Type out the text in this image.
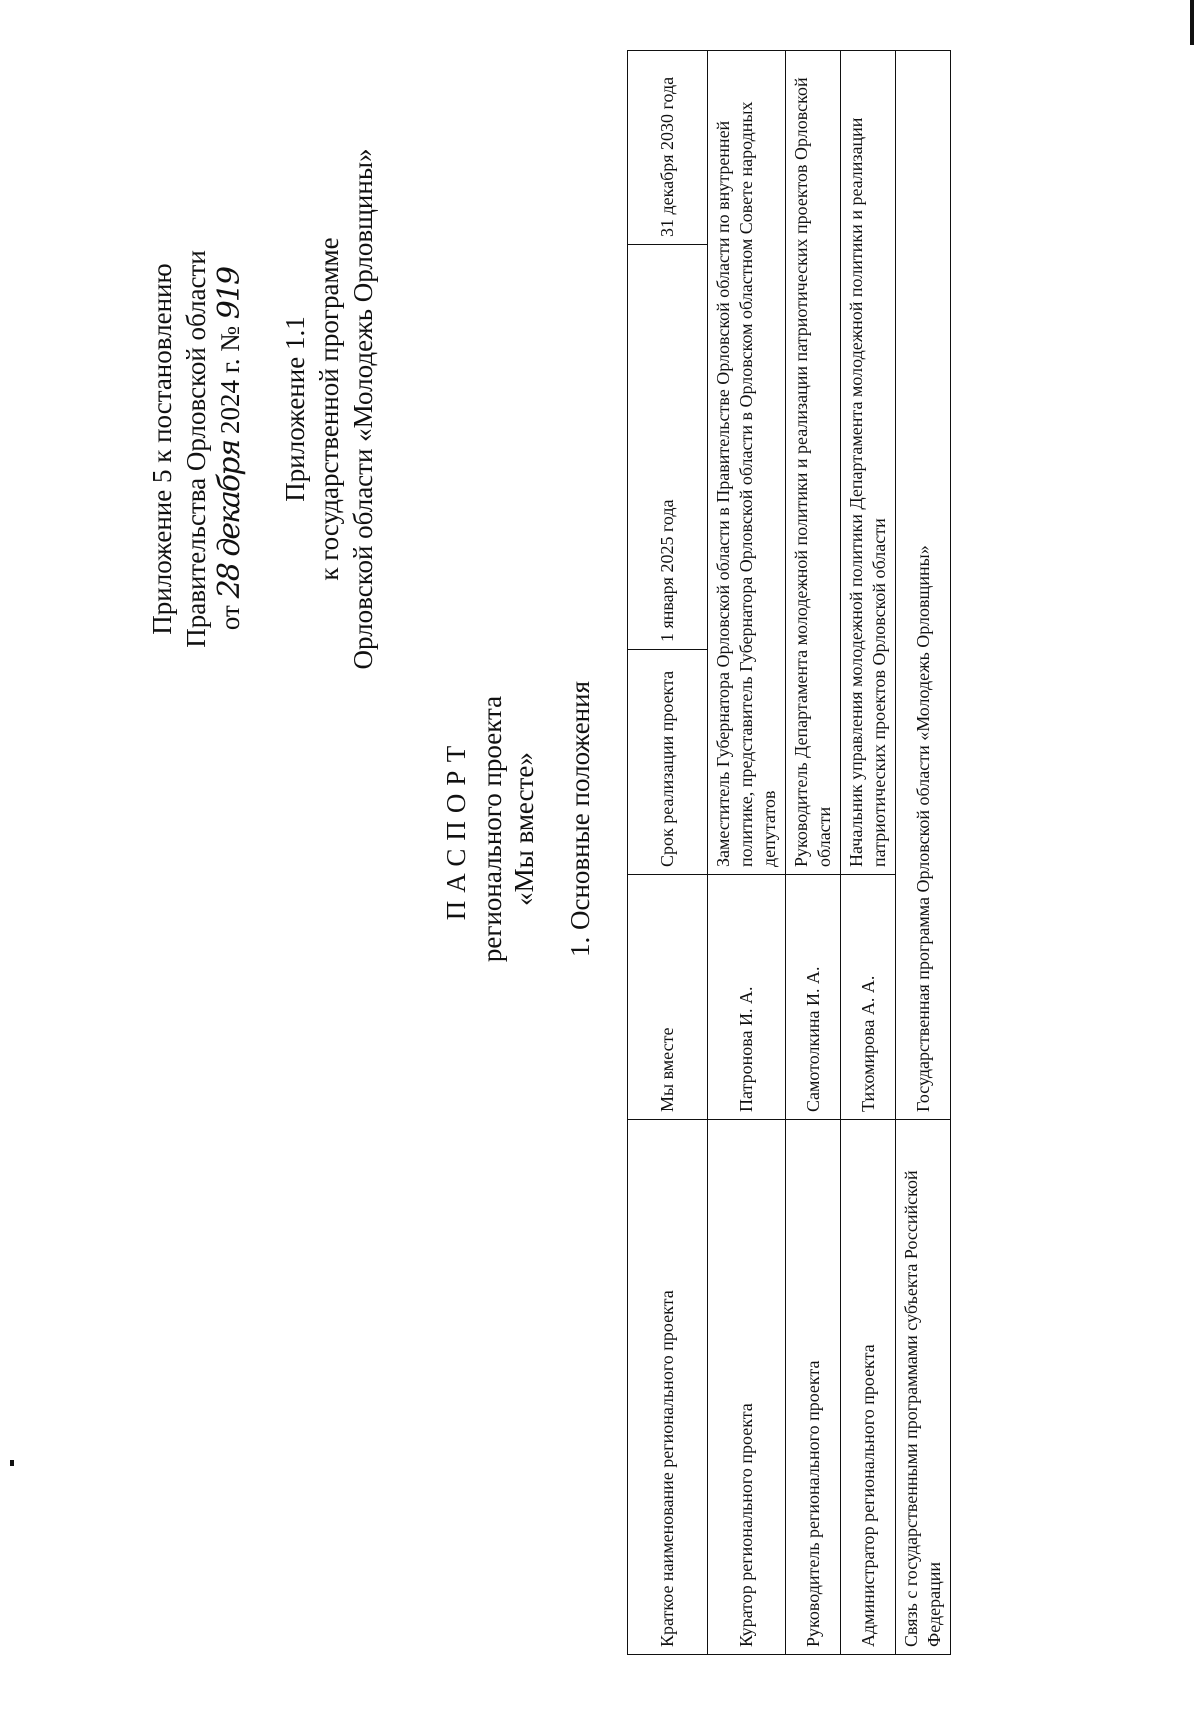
Приложение 5 к постановлению Правительства Орловской области от 28 декабря 2024 г. № 919
Приложение 1.1 к государственной программе Орловской области «Молодежь Орловщины»
ПАСПОРТ регионального проекта «Мы вместе» 1. Основные положения
Краткое наименование регионального проекта	Мы вместе	Срок реализации проекта	1 января 2025 года	31 декабря 2030 года
Куратор регионального проекта	Патронова И. А.	Заместитель Губернатора Орловской области в Правительстве Орловской области по внутренней политике, представитель Губернатора Орловской области в Орловском областном Совете народных депутатов		
Руководитель регионального проекта	Самотолкина И. А.	Руководитель Департамента молодежной политики и реализации патриотических проектов Орловской области		
Администратор регионального проекта	Тихомирова А. А.	Начальник управления молодежной политики Департамента молодежной политики и реализации патриотических проектов Орловской области		
Связь с государственными программами субъекта Российской Федерации	Государственная программа Орловской области «Молодежь Орловщины»			
